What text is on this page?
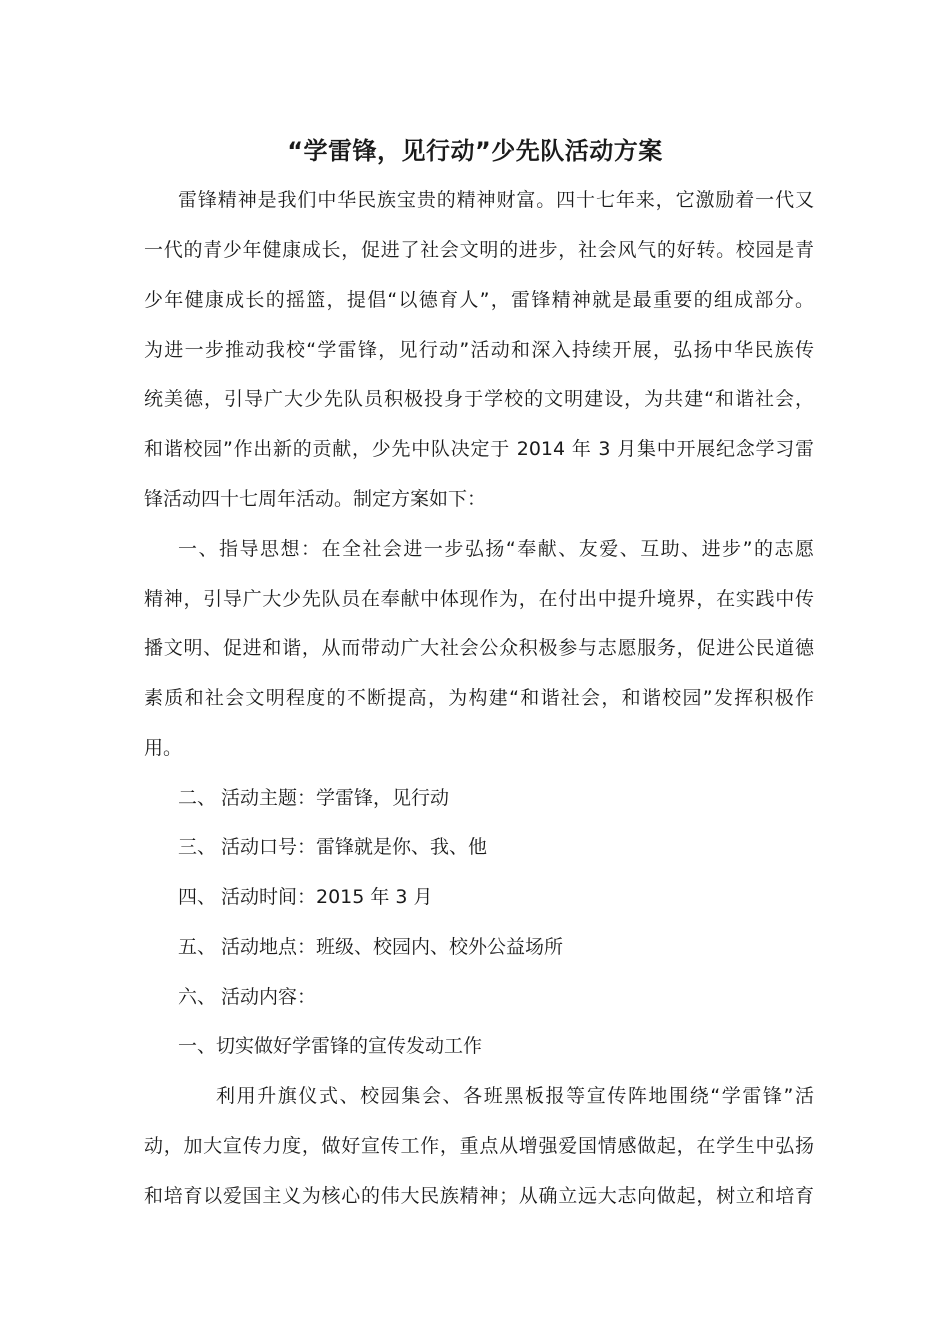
“学雷锋，见行动”少先队活动方案
雷锋精神是我们中华民族宝贵的精神财富。四十七年来，它激励着一代又
一代的青少年健康成长，促进了社会文明的进步，社会风气的好转。校园是青
少年健康成长的摇篮，提倡“以德育人”，雷锋精神就是最重要的组成部分。
为进一步推动我校“学雷锋，见行动”活动和深入持续开展，弘扬中华民族传
统美德，引导广大少先队员积极投身于学校的文明建设，为共建“和谐社会，
和谐校园”作出新的贡献，少先中队决定于 2014 年 3 月集中开展纪念学习雷
锋活动四十七周年活动。制定方案如下：
一、指导思想：在全社会进一步弘扬“奉献、友爱、互助、进步”的志愿
精神，引导广大少先队员在奉献中体现作为，在付出中提升境界，在实践中传
播文明、促进和谐，从而带动广大社会公众积极参与志愿服务，促进公民道德
素质和社会文明程度的不断提高，为构建“和谐社会，和谐校园”发挥积极作
用。
二、 活动主题：学雷锋，见行动
三、 活动口号：雷锋就是你、我、他
四、 活动时间：2015 年 3 月
五、 活动地点：班级、校园内、校外公益场所
六、 活动内容：
一、切实做好学雷锋的宣传发动工作
利用升旗仪式、校园集会、各班黑板报等宣传阵地围绕“学雷锋”活
动，加大宣传力度，做好宣传工作，重点从增强爱国情感做起，在学生中弘扬
和培育以爱国主义为核心的伟大民族精神；从确立远大志向做起，树立和培育
